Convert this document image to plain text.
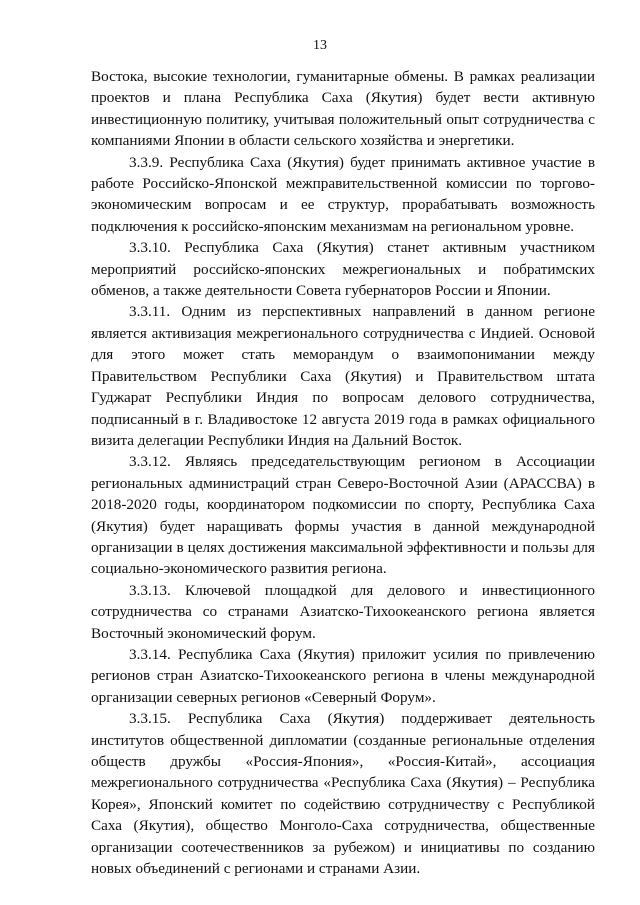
13

Востока, высокие технологии, гуманитарные обмены. В рамках реализации проектов и плана Республика Саха (Якутия) будет вести активную инвестиционную политику, учитывая положительный опыт сотрудничества с компаниями Японии в области сельского хозяйства и энергетики.

3.3.9. Республика Саха (Якутия) будет принимать активное участие в работе Российско-Японской межправительственной комиссии по торгово-экономическим вопросам и ее структур, прорабатывать возможность подключения к российско-японским механизмам на региональном уровне.

3.3.10. Республика Саха (Якутия) станет активным участником мероприятий российско-японских межрегиональных и побратимских обменов, а также деятельности Совета губернаторов России и Японии.

3.3.11. Одним из перспективных направлений в данном регионе является активизация межрегионального сотрудничества с Индией. Основой для этого может стать меморандум о взаимопонимании между Правительством Республики Саха (Якутия) и Правительством штата Гуджарат Республики Индия по вопросам делового сотрудничества, подписанный в г. Владивостоке 12 августа 2019 года в рамках официального визита делегации Республики Индия на Дальний Восток.

3.3.12. Являясь председательствующим регионом в Ассоциации региональных администраций стран Северо-Восточной Азии (АРАССВА) в 2018-2020 годы, координатором подкомиссии по спорту, Республика Саха (Якутия) будет наращивать формы участия в данной международной организации в целях достижения максимальной эффективности и пользы для социально-экономического развития региона.

3.3.13. Ключевой площадкой для делового и инвестиционного сотрудничества со странами Азиатско-Тихоокеанского региона является Восточный экономический форум.

3.3.14. Республика Саха (Якутия) приложит усилия по привлечению регионов стран Азиатско-Тихоокеанского региона в члены международной организации северных регионов «Северный Форум».

3.3.15. Республика Саха (Якутия) поддерживает деятельность институтов общественной дипломатии (созданные региональные отделения обществ дружбы «Россия-Япония», «Россия-Китай», ассоциация межрегионального сотрудничества «Республика Саха (Якутия) – Республика Корея», Японский комитет по содействию сотрудничеству с Республикой Саха (Якутия), общество Монголо-Саха сотрудничества, общественные организации соотечественников за рубежом) и инициативы по созданию новых объединений с регионами и странами Азии.
